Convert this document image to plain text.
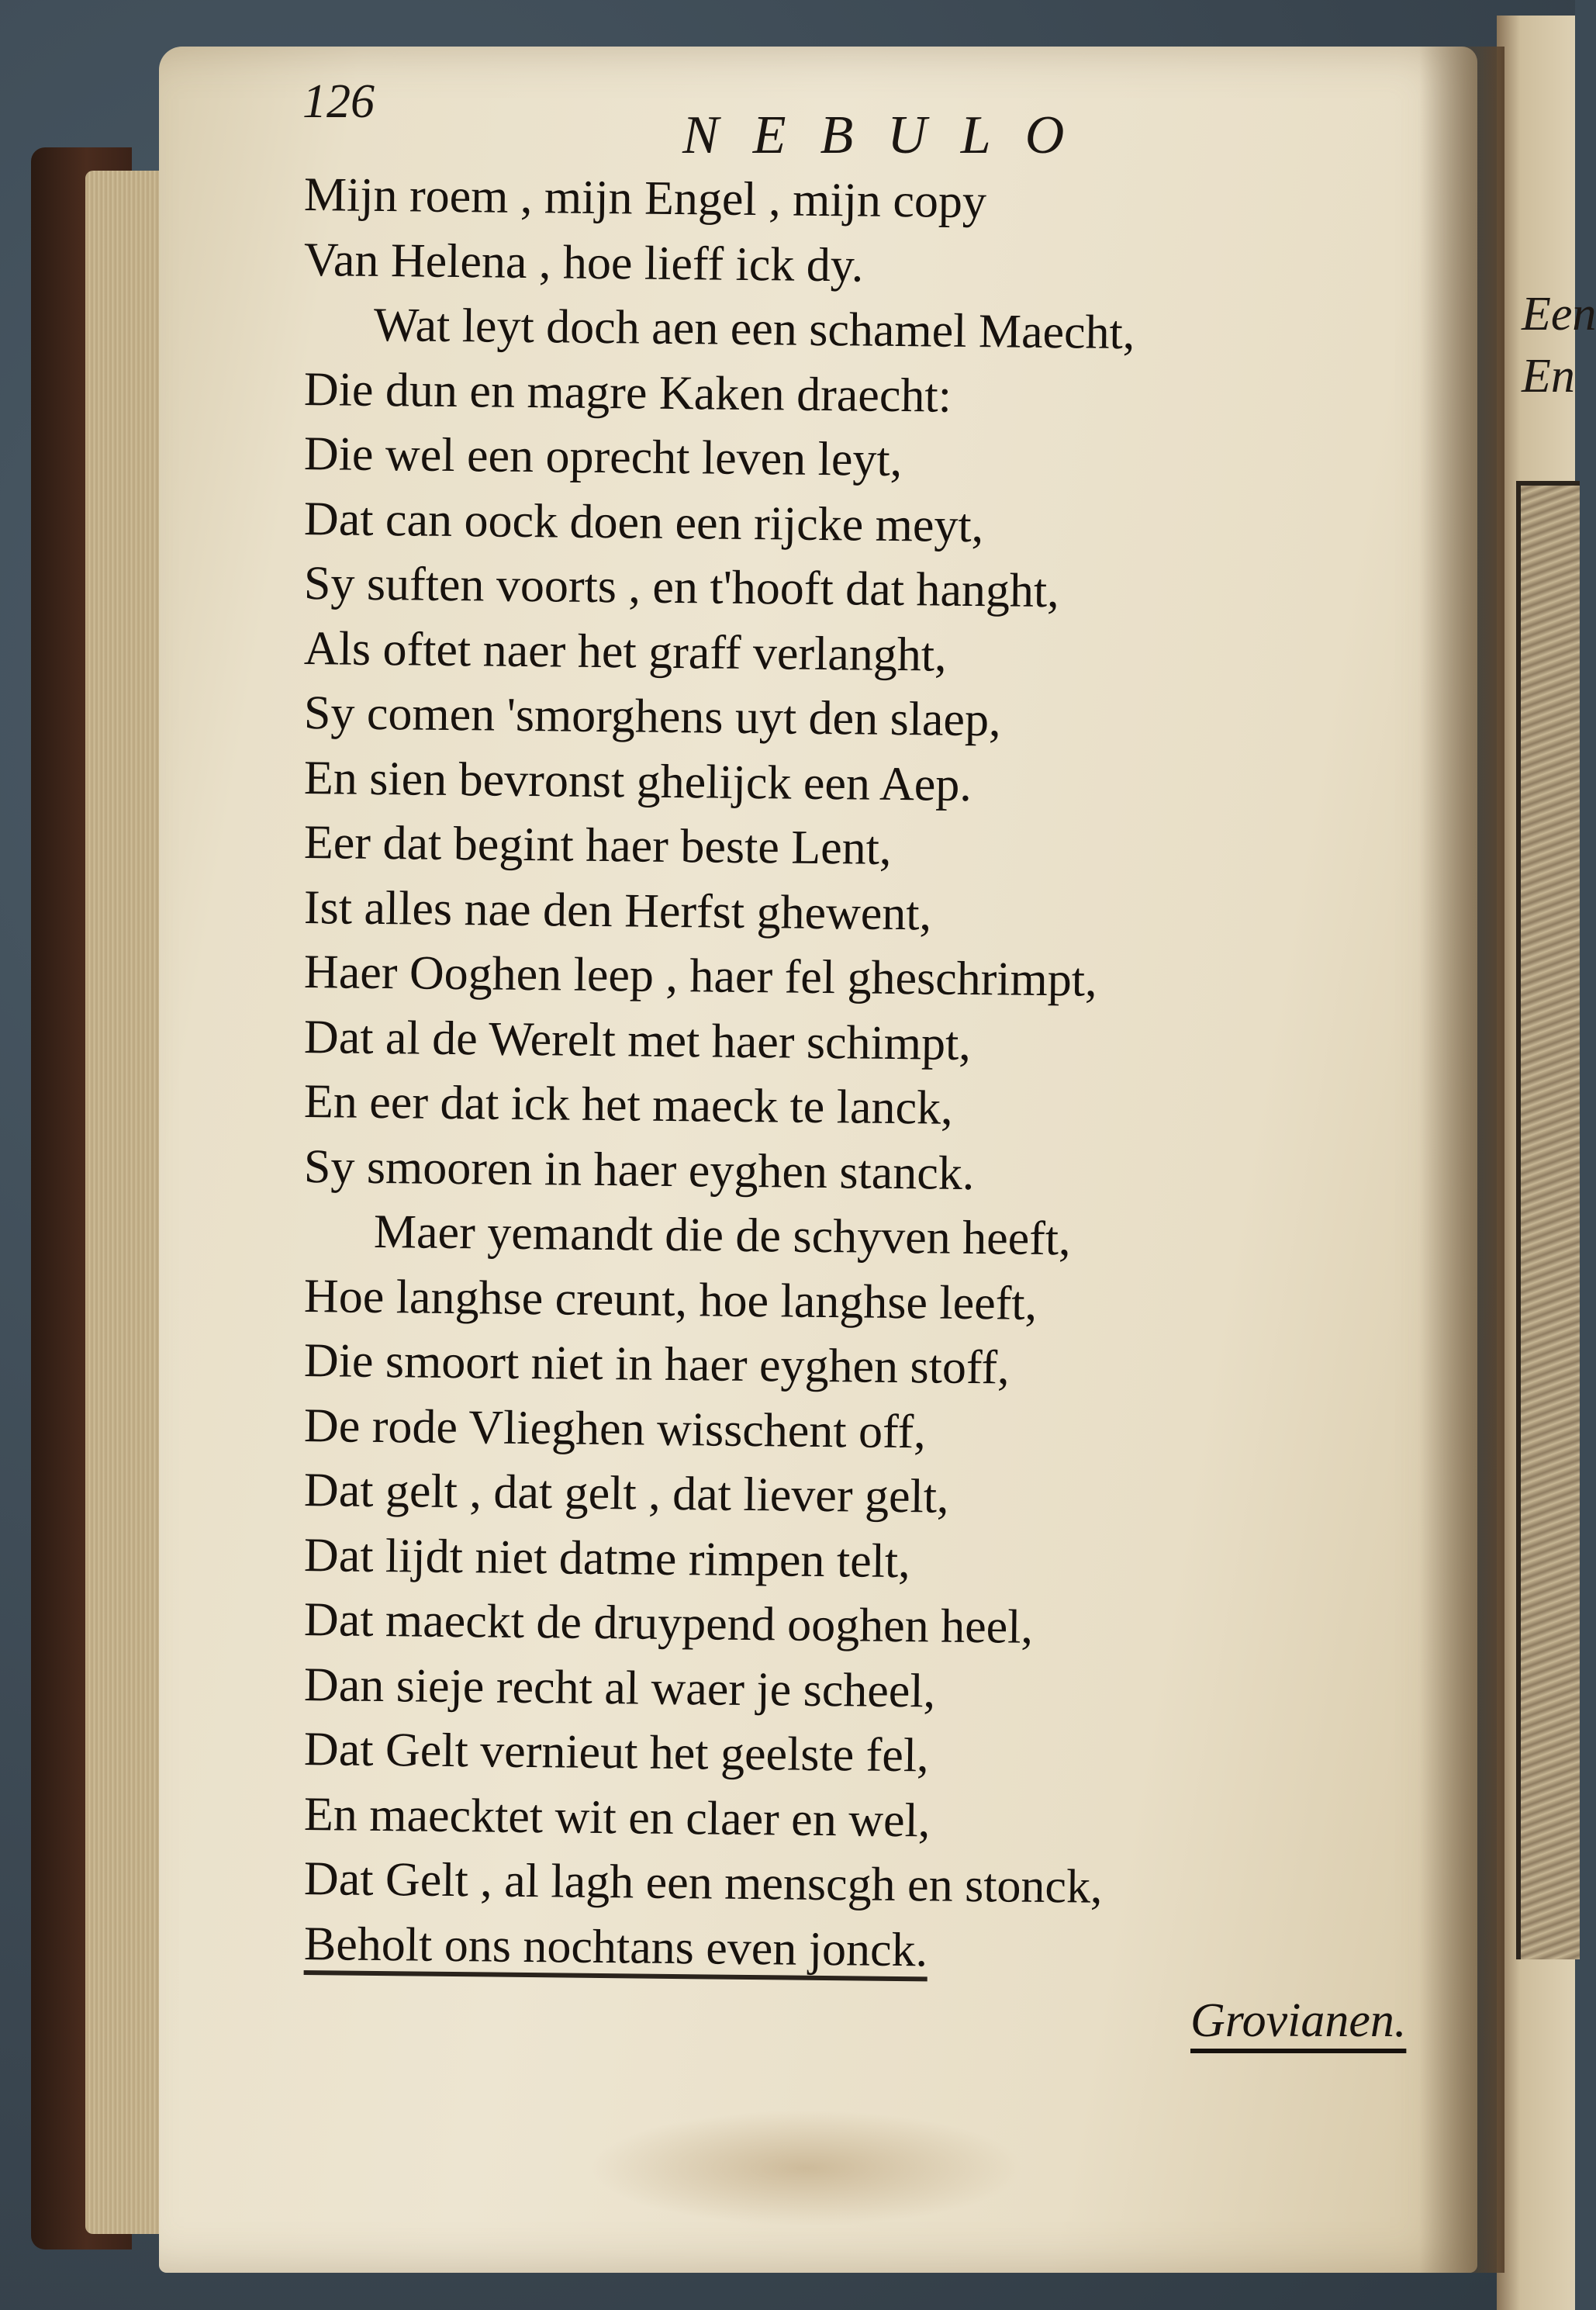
Een
En
126
NEBULO
Mijn roem , mijn Engel , mijn copy
Van Helena , hoe lieff ick dy.
Wat leyt doch aen een schamel Maecht,
Die dun en magre Kaken draecht:
Die wel een oprecht leven leyt,
Dat can oock doen een rijcke meyt,
Sy suften voorts , en t'hooft dat hanght,
Als oftet naer het graff verlanght,
Sy comen 'smorghens uyt den slaep,
En sien bevronst ghelijck een Aep.
Eer dat begint haer beste Lent,
Ist alles nae den Herfst ghewent,
Haer Ooghen leep , haer fel gheschrimpt,
Dat al de Werelt met haer schimpt,
En eer dat ick het maeck te lanck,
Sy smooren in haer eyghen stanck.
Maer yemandt die de schyven heeft,
Hoe langhse creunt, hoe langhse leeft,
Die smoort niet in haer eyghen stoff,
De rode Vlieghen wisschent off,
Dat gelt , dat gelt , dat liever gelt,
Dat lijdt niet datme rimpen telt,
Dat maeckt de druypend ooghen heel,
Dan sieje recht al waer je scheel,
Dat Gelt vernieut het geelste fel,
En maecktet wit en claer en wel,
Dat Gelt , al lagh een menscgh en stonck,
Beholt ons nochtans even jonck.
Grovianen.
